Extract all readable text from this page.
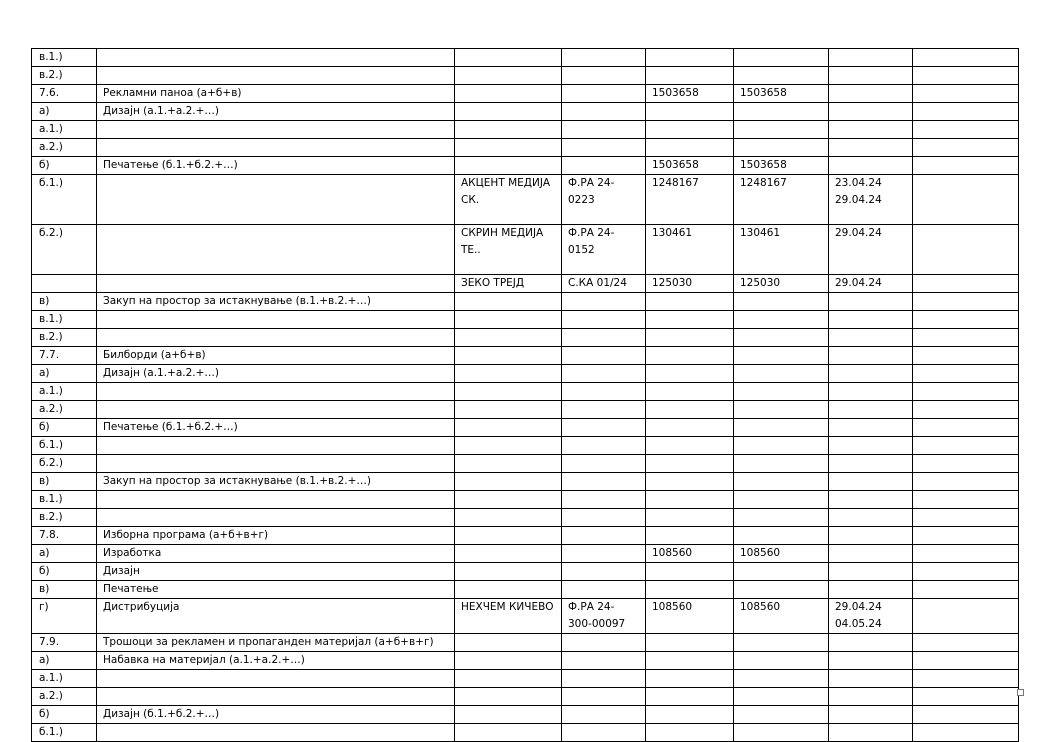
в.1.)							
в.2.)							
7.6.	Рекламни паноа (а+б+в)			1503658	1503658		
а)	Дизајн (а.1.+а.2.+…)						
а.1.)							
а.2.)							
б)	Печатење (б.1.+б.2.+…)			1503658	1503658		
б.1.)		АКЦЕНТ МЕДИЈА СК.	Ф.РА 24- 0223	1248167	1248167	23.04.24 29.04.24	
б.2.)		СКРИН МЕДИЈА ТЕ..	Ф.РА 24- 0152	130461	130461	29.04.24	
		ЗЕКО ТРЕЈД	С.КА 01/24	125030	125030	29.04.24	
в)	Закуп на простор за истакнување (в.1.+в.2.+…)						
в.1.)							
в.2.)							
7.7.	Билборди (а+б+в)						
а)	Дизајн (а.1.+а.2.+…)						
а.1.)							
а.2.)							
б)	Печатење (б.1.+б.2.+…)						
б.1.)							
б.2.)							
в)	Закуп на простор за истакнување (в.1.+в.2.+…)						
в.1.)							
в.2.)							
7.8.	Изборна програма (а+б+в+г)						
а)	Изработка			108560	108560		
б)	Дизајн						
в)	Печатење						
г)	Дистрибуција	НЕХЧЕМ КИЧЕВО	Ф.РА 24- 300-00097	108560	108560	29.04.24 04.05.24	
7.9.	Трошоци за рекламен и пропаганден материјал (а+б+в+г)						
а)	Набавка на материјал (а.1.+а.2.+…)						
а.1.)							
а.2.)							
б)	Дизајн (б.1.+б.2.+…)						
б.1.)							
